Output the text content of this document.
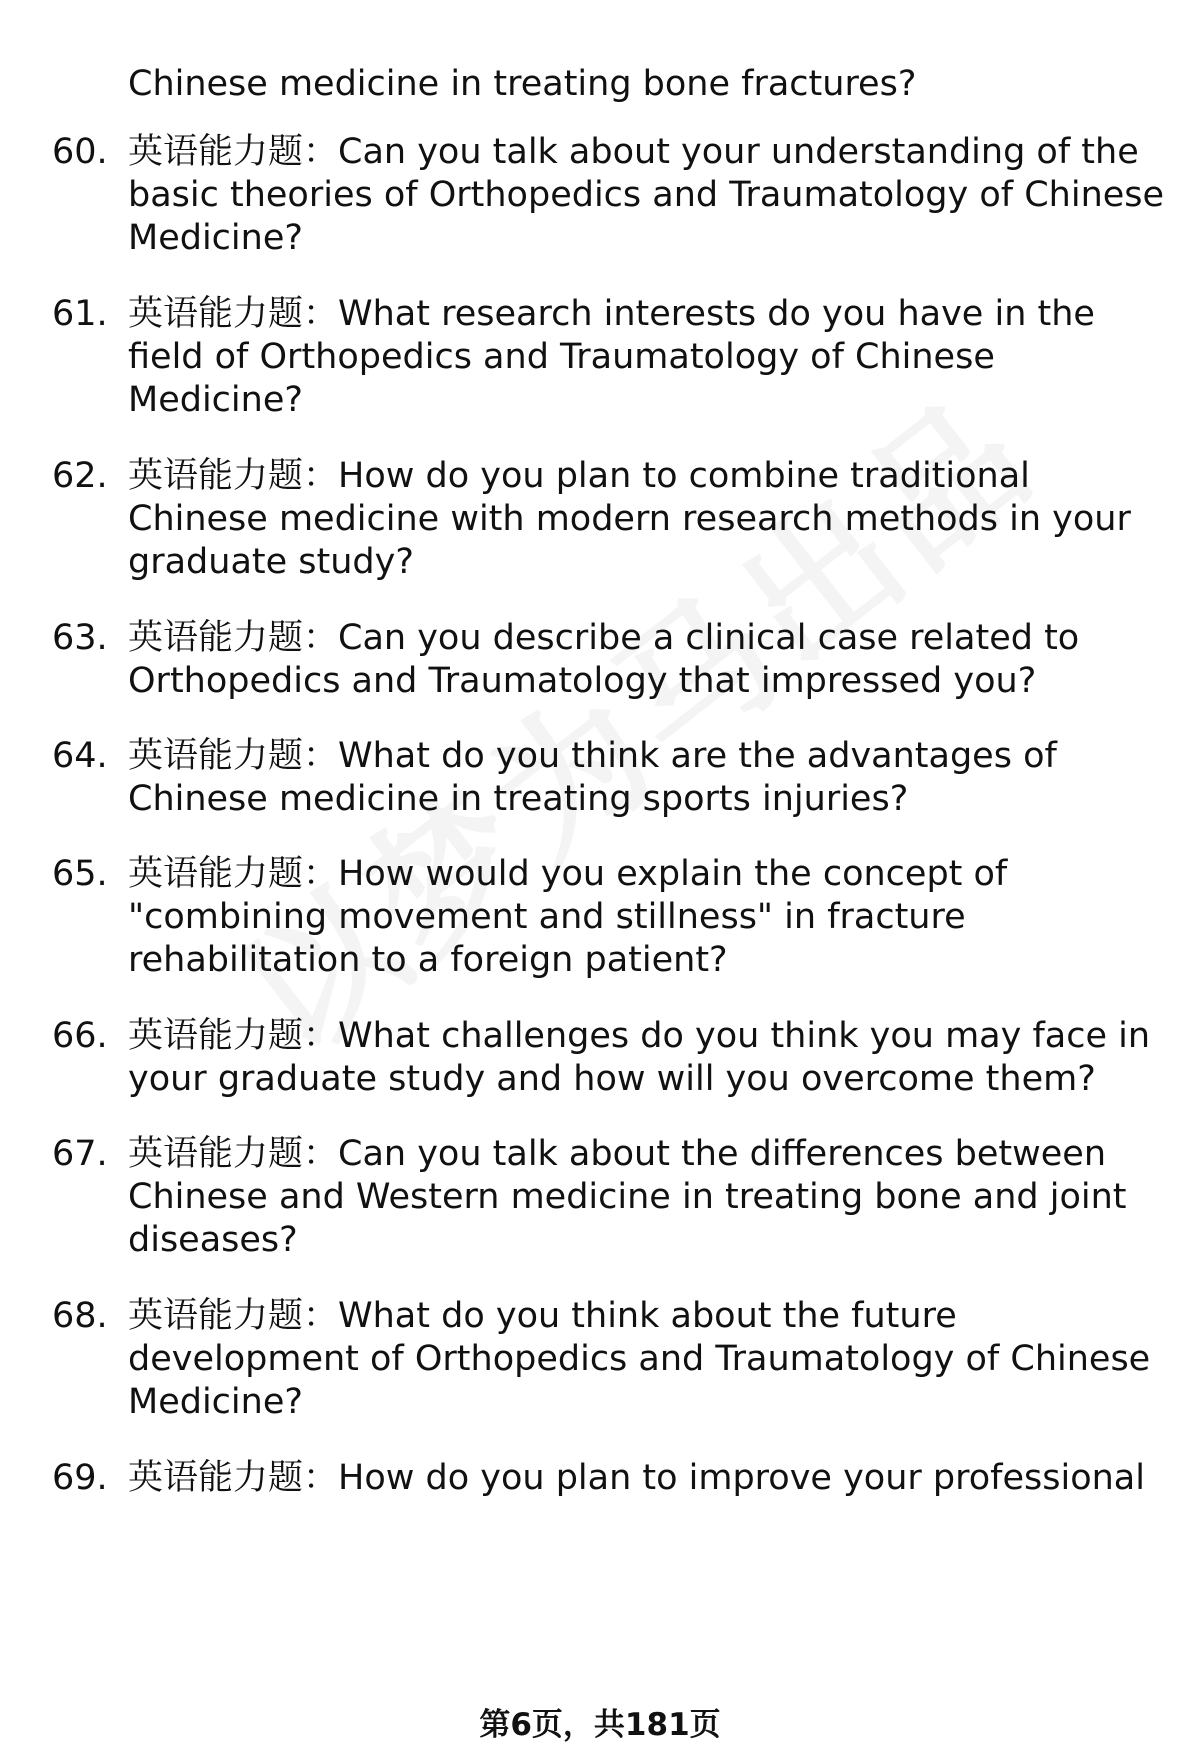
Chinese medicine in treating bone fractures?
60. 英语能力题：Can you talk about your understanding of the
basic theories of Orthopedics and Traumatology of Chinese
Medicine?
61. 英语能力题：What research interests do you have in the
field of Orthopedics and Traumatology of Chinese
Medicine?
62. 英语能力题：How do you plan to combine traditional
Chinese medicine with modern research methods in your
graduate study?
63. 英语能力题：Can you describe a clinical case related to
Orthopedics and Traumatology that impressed you?
64. 英语能力题：What do you think are the advantages of
Chinese medicine in treating sports injuries?
65. 英语能力题：How would you explain the concept of
"combining movement and stillness" in fracture
rehabilitation to a foreign patient?
66. 英语能力题：What challenges do you think you may face in
your graduate study and how will you overcome them?
67. 英语能力题：Can you talk about the differences between
Chinese and Western medicine in treating bone and joint
diseases?
68. 英语能力题：What do you think about the future
development of Orthopedics and Traumatology of Chinese
Medicine?
69. 英语能力题：How do you plan to improve your professional
第6页，共181页
